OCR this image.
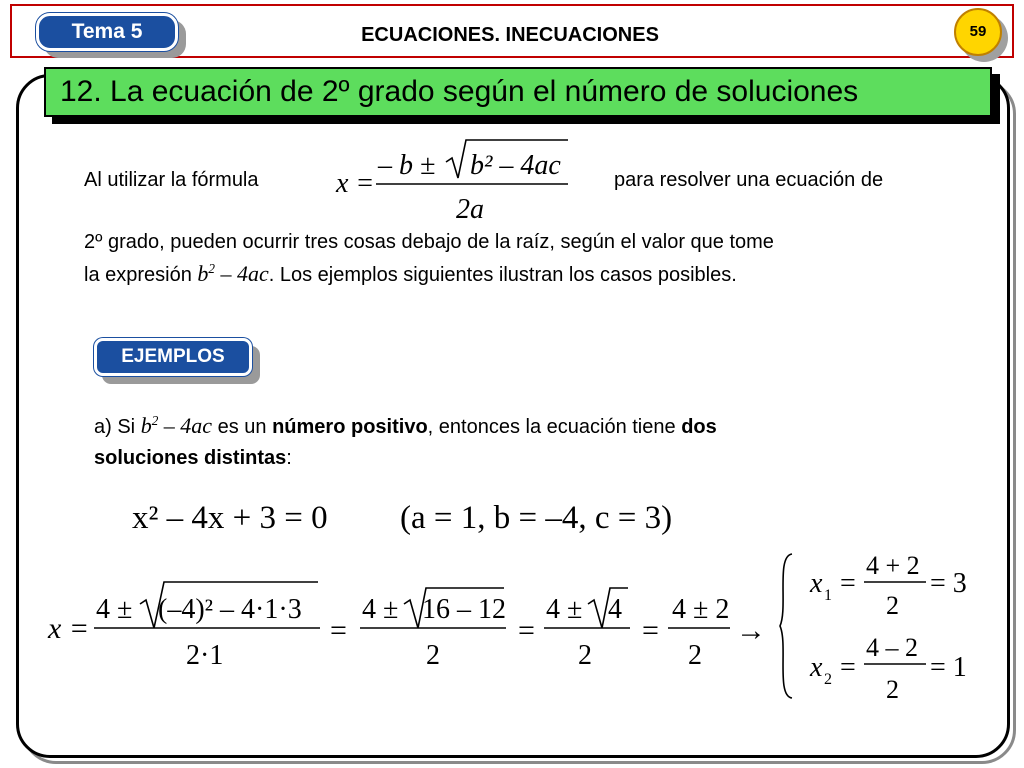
Tema 5	ECUACIONES. INECUACIONES	59
12. La ecuación de 2º grado según el número de soluciones
Al utilizar la fórmula	x =
– b ± b² – 4ac
2a
para resolver una ecuación de
2º grado, pueden ocurrir tres cosas debajo de la raíz, según el valor que tome
la expresión $b^2 - 4ac$. Los ejemplos siguientes ilustran los casos posibles.
EJEMPLOS
a) Si $b^2 - 4ac$ es un número positivo, entonces la ecuación tiene dos
soluciones distintas:
x² – 4x + 3 = 0 (a = 1, b = –4, c = 3)
x =
4 ± (–4)² – 4·1·3
2·1
=
4 ± 16 – 12
2
=
4 ± 4
2
=
4 ± 2
2
→
x 1 =
4 + 2
2
= 3
x 2 =
4 – 2
2
= 1
